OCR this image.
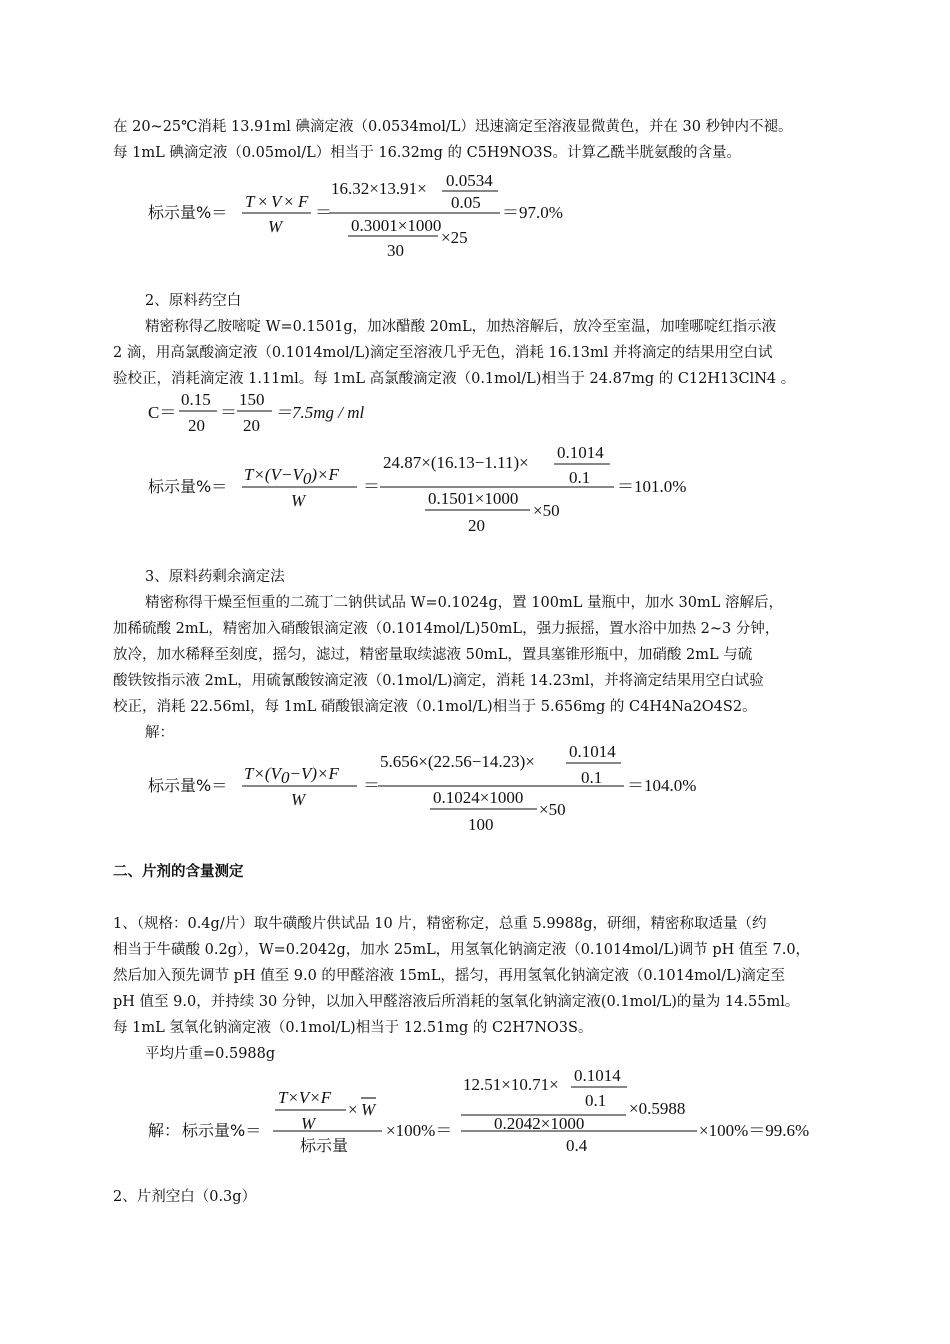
在 20~25℃消耗 13.91ml 碘滴定液（0.0534mol/L）迅速滴定至溶液显微黄色，并在 30 秒钟内不褪。
每 1mL 碘滴定液（0.05mol/L）相当于 16.32mg 的 C5H9NO3S。计算乙酰半胱氨酸的含量。
标示量%＝
T × V × F
W
＝
16.32×13.91× 0.0534
0.05
0.3001×1000
30
×25
＝97.0%
2、原料药空白
精密称得乙胺嘧啶 W=0.1501g，加冰醋酸 20mL，加热溶解后，放冷至室温，加喹哪啶红指示液
2 滴，用高氯酸滴定液（0.1014mol/L)滴定至溶液几乎无色，消耗 16.13ml 并将滴定的结果用空白试
验校正，消耗滴定液 1.11ml。每 1mL 高氯酸滴定液（0.1mol/L)相当于 24.87mg 的 C12H13ClN4 。
C＝
0.15
20
＝
150
20
＝7.5mg / ml
标示量%＝
T×(V−V0)×F
W
＝
24.87×(16.13−1.11)×
0.1014
0.1
0.1501×1000
20
×50
＝101.0%
3、原料药剩余滴定法
精密称得干燥至恒重的二巯丁二钠供试品 W=0.1024g，置 100mL 量瓶中，加水 30mL 溶解后，
加稀硫酸 2mL，精密加入硝酸银滴定液（0.1014mol/L)50mL，强力振摇，置水浴中加热 2~3 分钟，
放冷，加水稀释至刻度，摇匀，滤过，精密量取续滤液 50mL，置具塞锥形瓶中，加硝酸 2mL 与硫
酸铁铵指示液 2mL，用硫氰酸铵滴定液（0.1mol/L)滴定，消耗 14.23ml，并将滴定结果用空白试验
校正，消耗 22.56ml，每 1mL 硝酸银滴定液（0.1mol/L)相当于 5.656mg 的 C4H4Na2O4S2。
解：
标示量%＝
T×(V0−V)×F
W
＝
5.656×(22.56−14.23)×
0.1014
0.1
0.1024×1000
100
×50
＝104.0%
二、片剂的含量测定
1、（规格：0.4g/片）取牛磺酸片供试品 10 片，精密称定，总重 5.9988g，研细，精密称取适量（约
相当于牛磺酸 0.2g），W=0.2042g，加水 25mL，用氢氧化钠滴定液（0.1014mol/L)调节 pH 值至 7.0，
然后加入预先调节 pH 值至 9.0 的甲醛溶液 15mL，摇匀，再用氢氧化钠滴定液（0.1014mol/L)滴定至
pH 值至 9.0，并持续 30 分钟，以加入甲醛溶液后所消耗的氢氧化钠滴定液(0.1mol/L)的量为 14.55ml。
每 1mL 氢氧化钠滴定液（0.1mol/L)相当于 12.51mg 的 C2H7NO3S。
平均片重=0.5988g
解： 标示量%＝
T×V×F
W
× W
标示量
×100%＝
12.51×10.71× 0.1014
0.1 ×0.5988
0.2042×1000
0.4
×100%＝99.6%
2、片剂空白（0.3g）
